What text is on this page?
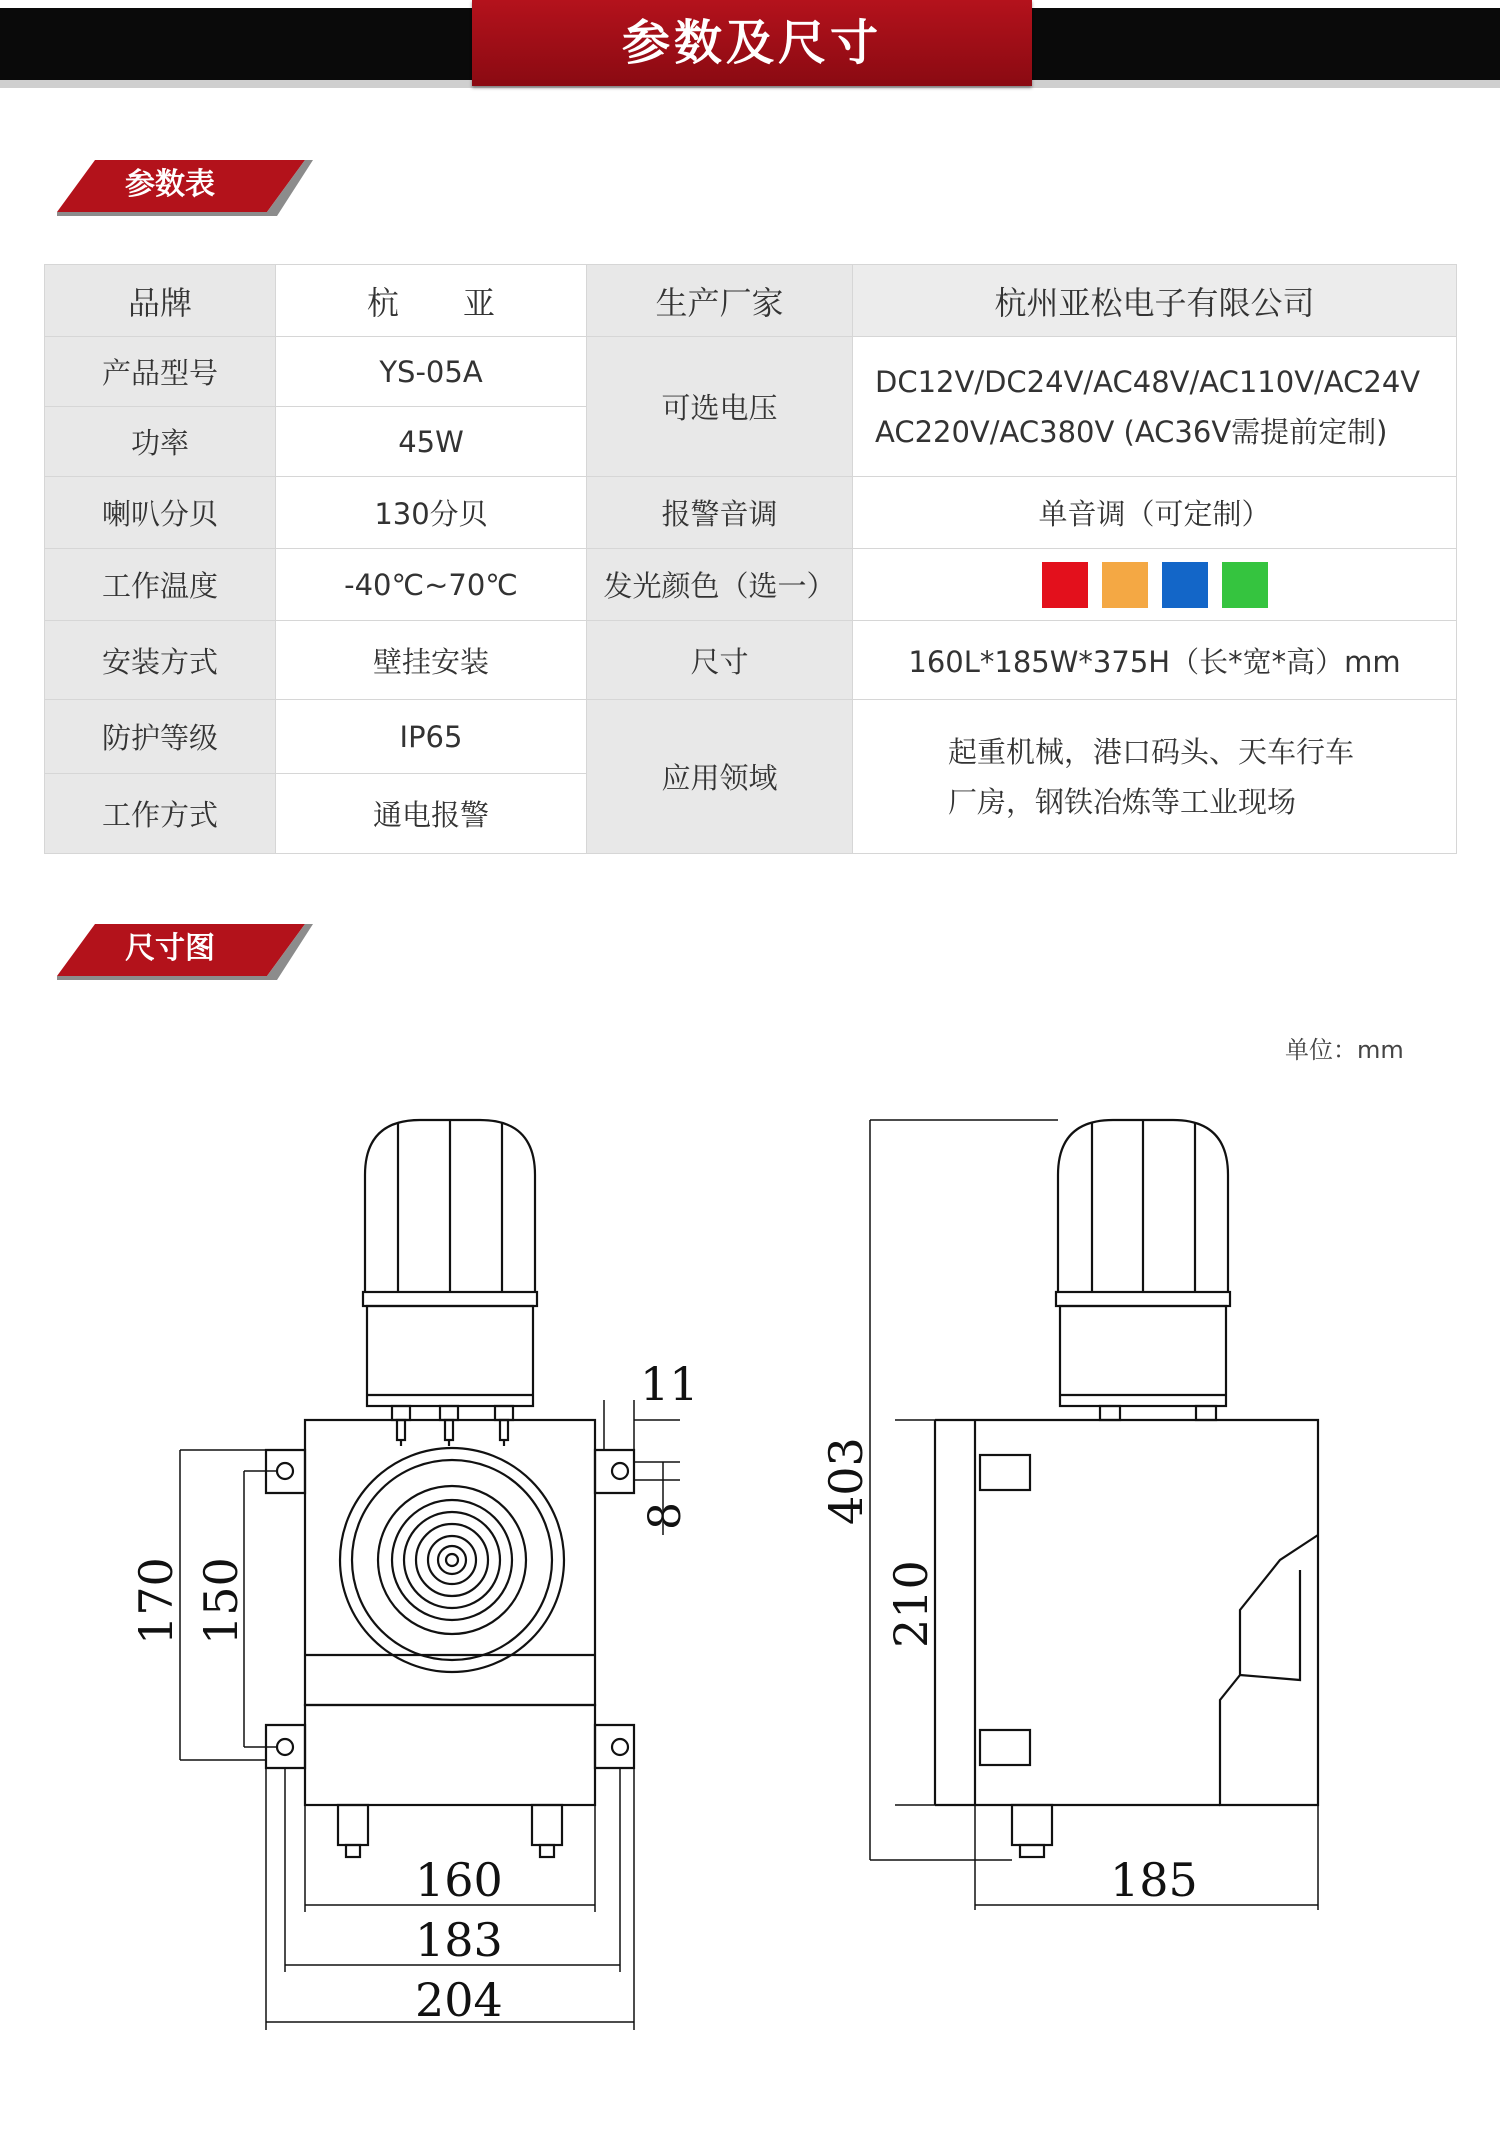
参数及尺寸
参数表
品牌	杭　　亚	生产厂家	杭州亚松电子有限公司
产品型号	YS-05A	可选电压	DC12V/DC24V/AC48V/AC110V/AC24V
AC220V/AC380V (AC36V需提前定制)

功率	45W		
喇叭分贝	130分贝	报警音调	单音调（可定制）
工作温度	-40℃~70℃	发光颜色（选一）	
安装方式	壁挂安装	尺寸	160L*185W*375H（长*宽*高）mm
防护等级	IP65	应用领域	起重机械，港口码头、天车行车
厂房，钢铁冶炼等工业现场

工作方式	通电报警		
尺寸图
单位：mm
11
8
170 150
160
183
204
403
210
185
